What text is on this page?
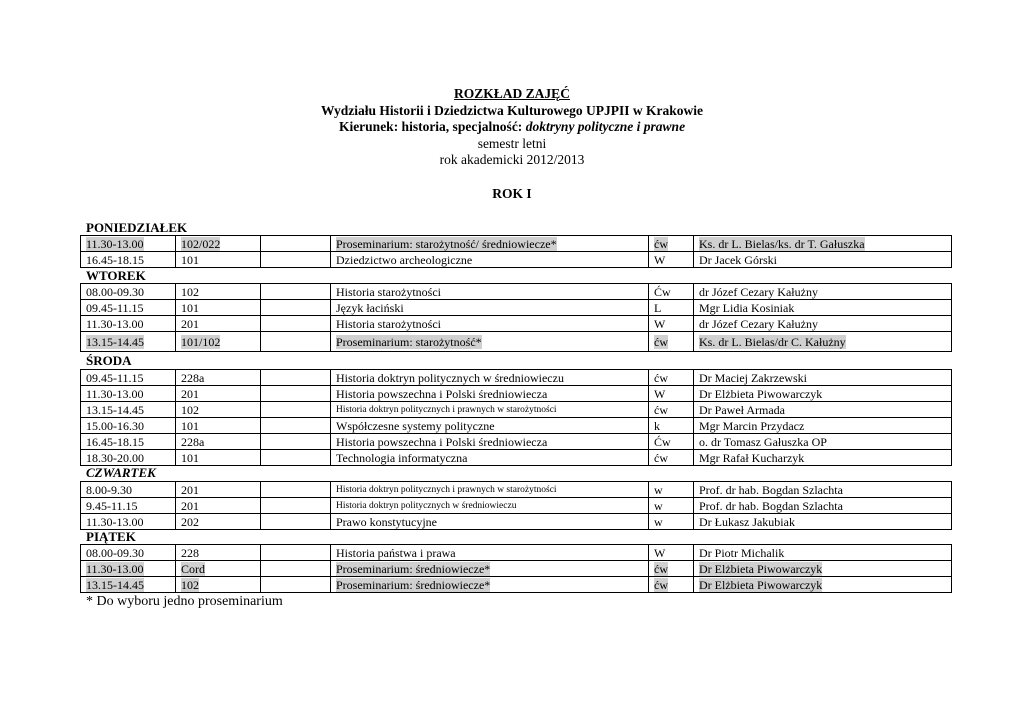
ROZKŁAD ZAJĘĆ
Wydziału Historii i Dziedzictwa Kulturowego UPJPII w Krakowie
Kierunek: historia, specjalność: doktryny polityczne i prawne
semestr letni
rok akademicki 2012/2013
ROK I
PONIEDZIAŁEK
11.30-13.00	102/022		Proseminarium: starożytność/ średniowiecze*	ćw	Ks. dr L. Bielas/ks. dr T. Gałuszka
16.45-18.15	101		Dziedzictwo archeologiczne	W	Dr Jacek Górski
WTOREK
08.00-09.30	102		Historia starożytności	Ćw	dr Józef Cezary Kałużny
09.45-11.15	101		Język łaciński	L	Mgr Lidia Kosiniak
11.30-13.00	201		Historia starożytności	W	dr Józef Cezary Kałużny
13.15-14.45	101/102		Proseminarium: starożytność*	ćw	Ks. dr L. Bielas/dr C. Kałużny
ŚRODA
09.45-11.15	228a		Historia doktryn politycznych w średniowieczu	ćw	Dr Maciej Zakrzewski
11.30-13.00	201		Historia powszechna i Polski średniowiecza	W	Dr Elżbieta Piwowarczyk
13.15-14.45	102		Historia doktryn politycznych i prawnych w starożytności	ćw	Dr Paweł Armada
15.00-16.30	101		Współczesne systemy polityczne	k	Mgr Marcin Przydacz
16.45-18.15	228a		Historia powszechna i Polski średniowiecza	Ćw	o. dr Tomasz Gałuszka OP
18.30-20.00	101		Technologia informatyczna	ćw	Mgr Rafał Kucharzyk
CZWARTEK
8.00-9.30	201		Historia doktryn politycznych i prawnych w starożytności	w	Prof. dr hab. Bogdan Szlachta
9.45-11.15	201		Historia doktryn politycznych w średniowieczu	w	Prof. dr hab. Bogdan Szlachta
11.30-13.00	202		Prawo konstytucyjne	w	Dr Łukasz Jakubiak
PIĄTEK
08.00-09.30	228		Historia państwa i prawa	W	Dr Piotr Michalik
11.30-13.00	Cord		Proseminarium: średniowiecze*	ćw	Dr Elżbieta Piwowarczyk
13.15-14.45	102		Proseminarium: średniowiecze*	ćw	Dr Elżbieta Piwowarczyk
* Do wyboru jedno proseminarium
